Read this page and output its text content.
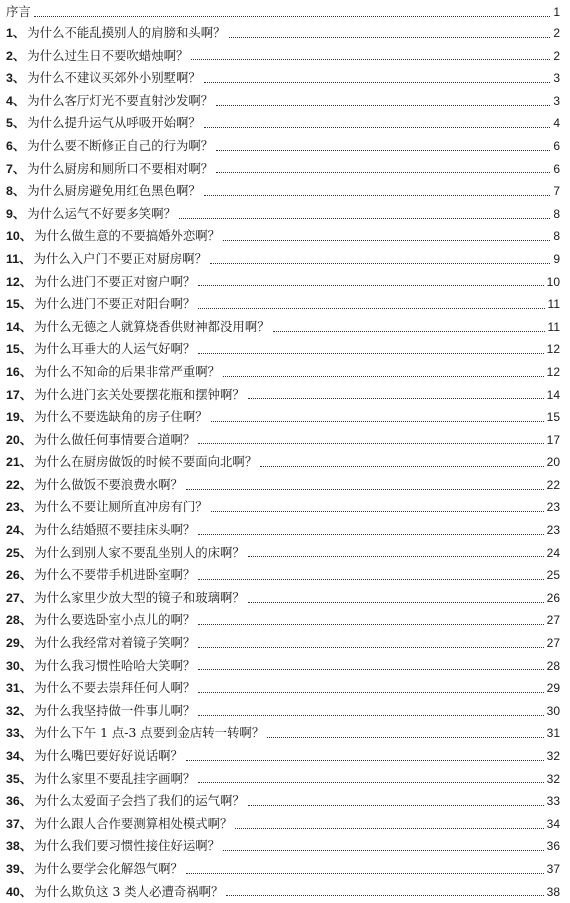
序言	1
1、 为什么不能乱摸别人的肩膀和头啊？	2
2、 为什么过生日不要吹蜡烛啊？	2
3、 为什么不建议买郊外小别墅啊？	3
4、 为什么客厅灯光不要直射沙发啊？	3
5、 为什么提升运气从呼吸开始啊？	4
6、 为什么要不断修正自己的行为啊？	6
7、 为什么厨房和厕所口不要相对啊？	6
8、 为什么厨房避免用红色黑色啊？	7
9、 为什么运气不好要多笑啊？	8
10、 为什么做生意的不要搞婚外恋啊？	8
11、 为什么入户门不要正对厨房啊？	9
12、 为什么进门不要正对窗户啊？	10
15、 为什么进门不要正对阳台啊？	11
14、 为什么无德之人就算烧香供财神都没用啊？	11
15、 为什么耳垂大的人运气好啊？	12
16、 为什么不知命的后果非常严重啊？	12
17、 为什么进门玄关处要摆花瓶和摆钟啊？	14
19、 为什么不要选缺角的房子住啊？	15
20、 为什么做任何事情要合道啊？	17
21、 为什么在厨房做饭的时候不要面向北啊？	20
22、 为什么做饭不要浪费水啊？	22
23、 为什么不要让厕所直冲房有门？	23
24、 为什么结婚照不要挂床头啊？	23
25、 为什么到别人家不要乱坐别人的床啊？	24
26、 为什么不要带手机进卧室啊？	25
27、 为什么家里少放大型的镜子和玻璃啊？	26
28、 为什么要选卧室小点儿的啊？	27
29、 为什么我经常对着镜子笑啊？	27
30、 为什么我习惯性哈哈大笑啊？	28
31、 为什么不要去崇拜任何人啊？	29
32、 为什么我坚持做一件事儿啊？	30
33、 为什么下午 1 点-3 点要到金店转一转啊？	31
34、 为什么嘴巴要好好说话啊？	32
35、 为什么家里不要乱挂字画啊？	32
36、 为什么太爱面子会挡了我们的运气啊？	33
37、 为什么跟人合作要测算相处模式啊？	34
38、 为什么我们要习惯性接住好运啊？	36
39、 为什么要学会化解怨气啊？	37
40、 为什么欺负这 3 类人必遭奇祸啊？	38
